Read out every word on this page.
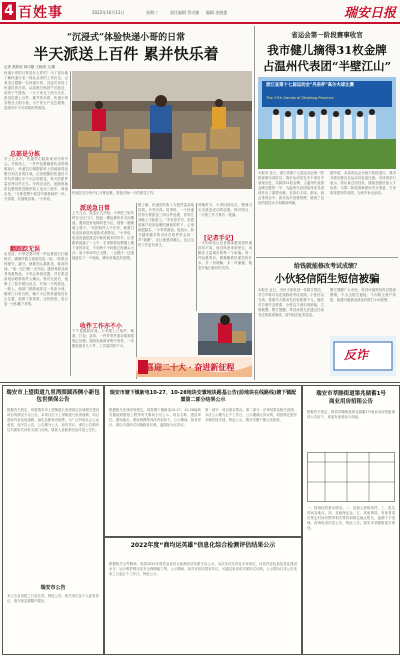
4 百姓事	2022年10月12日	星期三	责任编辑 蔡宗媚 编辑 金晓莲	瑞安日报
“沉浸式”体验快递小哥的日常
半天派送上百件 累并快乐着
记者 蔡欣欣 林巧婕 王晓琪 文/图
快递小哥的日常是什么样的？为了更好地了解快递行业一线从业者的工作状态，记者近日跟随一名快递小哥，沉浸式体验了快递员的日常。从清晨分拣到午后派送，再到下午揽收，一天下来走了两万多步，派送包裹上百件，累并快乐着。快递小哥穿梭在大街小巷，为千家万户送去便利，是城市中不可或缺的风景线。
总部是分拣
早上七点半，快递员们陆续来到分拣中心。分拣线上，一件件包裹顺着传送带缓缓前行，快递员们根据面单上的地址将包裹分到各自的区域。记者跟随的快递员小李负责城区多个小区的派送，每天的派件量在两百件左右。分拣完成后，他熟练地将包裹按派送顺序装上电动三轮车，准备出发。“分拣是整个派送中最基础的一环，分得准，后面就省事。”小李说。
翻跟踪无误
出发前，小李还要对每一件包裹进行扫描核对，确保件数与系统信息一致。“如果出现错分、漏分，就要回头重新找，耽误时间。”他一边扫描一边介绍。遇到易碎品或者贵重物品，小李会单独放置，并在派送前电话联系收件人确认。核对无误后，他骑上三轮车驶出站点，开始一天的派送。一路上，他熟门熟路地穿过一条条小巷，哪家门口有台阶，哪个小区的快递柜在什么位置，他都了如指掌。这份熟悉，是日复一日积累下来的。
快递员在分拣中心分拣包裹，准备开始一天的派送工作。
派送急日常
上午九点，派送正式开始。小李把三轮车停在小区门口，抱起一摞包裹快步走向楼道。遇到没有电梯的老小区，他要一趟趟爬上爬下。“有的收件人不在家，就要打电话协商放快递柜或者驿站。”小李说，电话沟通是派送中耗时最多的环节。记者跟着他跑了一上午，手里捧着包裹楼上楼下来回奔走，不到两个小时就已经满头大汗。而小李却早已习惯，一边擦汗一边继续赶往下一个地址，脚步丝毫没有放慢。
收件工作亦不小
下午是揽收时间。小李要上门取件、称重、打包、录单，一件件寄件需求都需要细心处理。遇到电商商家集中发货，一次揽收就有几十件，工作量同样不小。
据了解，快递员的收入与派件量直接挂钩，多劳多得。旺季时，一个快递员每天要派送三四百件包裹，常常忙到晚上才能收工。“辛苦是辛苦，但看到客户收到包裹时满意的样子，心里就很踏实。”小李笑着说。他表示，如今越来越多的市民在收件时会说一声“谢谢”，这让他感到暖心，也让这份工作更有意义。
傍晚时分，小李回到站点，整理当天未派送成功的包裹，核对账目，一天的工作才算告一段落。
[记者手记]
一天的体验让记者深深感受到快递员的不易。他们风里来雨里去，用脚步丈量城市的每一个角落。每一件包裹背后，都凝聚着快递员的汗水。多一份理解，多一声谢谢，就是对他们最好的支持。
喜迎二十大 · 奋进新征程
省运会第一阶段赛事收官
我市健儿摘得31枚金牌
占温州代表团“半壁江山”
浙江省第十七届运动会"丹泉杯"高尔夫球比赛
The 17th Games of Zhejiang Province
本报讯 近日，浙江省第十七届运动会第一阶段赛事全部收官。我市运动员在多个项目中表现出色，共摘得31枚金牌，占温州代表团金牌总数的一半，为温州代表团取得优异成绩作出了重要贡献。在高尔夫球、游泳、射击等项目中，我市选手奋勇拼搏，展现了良好的竞技水平和精神风貌。
据介绍，本届省运会分两个阶段进行，我市共派出数百名运动员参加比赛。市体育部门表示，将认真总结经验，继续加强后备人才培养，为第二阶段赛事做好充分准备，力争取得更好的成绩，为家乡争光添彩。
给钱就能修改考试成绩？
小伙轻信陌生短信被骗
本报讯 近日，市民小张收到一条陌生短信，对方声称可以花钱修改考试成绩。小张信以为真，按照对方要求先后转账数千元，随后对方便失去联系，小张这才意识到被骗，立即报警。警方提醒，考试成绩无法通过任何非正规渠道修改，请勿轻信此类信息。
警方提醒广大市民，收到可疑短信时应提高警惕，不点击陌生链接，不向陌生账户转账，如遇可疑情况请及时拨打110报警。
反诈
瑞安市上望街道九里湾围圆西侧小新包包世殡保公告
根据有关规定，现将瑞安市上望街道九里湾周边区域相关建设项目的情况予以公告。本项目位于上望街道九里湾西侧，项目建设内容包括道路、绿化及配套设施等。为广泛听取社会公众意见，现予以公告，公告期为七天。如有异议，请在公告期内以书面形式向有关部门反映。联系人及联系电话详见公告栏。
瑞安市公告
本公告自登报之日起生效，特此公告。相关单位及个人如有异议，请在规定期限内提出。
瑞安市塘下镇新电10-27、10-28地块安置地块路基公告(前地块在线路线)塘下镇配置第二部分结果公示
根据相关法律法规规定，现将塘下镇新电10-27、10-28地块安置地块路基工程等有关事项予以公示。项目名称、建设单位、建设地点、建设规模等具体内容如下。公示期间，如有异议，请以书面形式向镇政府反映，逾期视为无异议。
第一部分：项目基本情况。第二部分：评审结果及相关说明。本次公示期为五个工作日，公示期满无异议的，将按规定程序办理后续手续。特此公示。瑞安市塘下镇人民政府。
瑞安市莘塍街道第兆储蓄1号
商业用房招租公告
根据有关规定，现将莘塍街道第兆储蓄1号商业用房招租事项公告如下，欢迎有意者参与竞租。
一、招租标的基本情况。二、竞租人资格条件。三、报名时间及地点。四、竞租保证金。五、其他事项。有意者请在规定时间内携带相关材料到指定地点报名，逾期不予受理。咨询电话详见公告。特此公告。瑞安市莘塍街道办事处。
2022年度“商均运英雄”信息化综合检测评估结果公示
根据相关文件精神，现将2022年度信息化综合检测评估结果予以公示。本次评估共涉及多家单位，评估内容包括信息化建设水平、运行维护情况及安全保障能力等。公示期间，如对评估结果有异议，可通过电话或书面形式反映。公示期为自本公告发布之日起五个工作日。特此公示。
